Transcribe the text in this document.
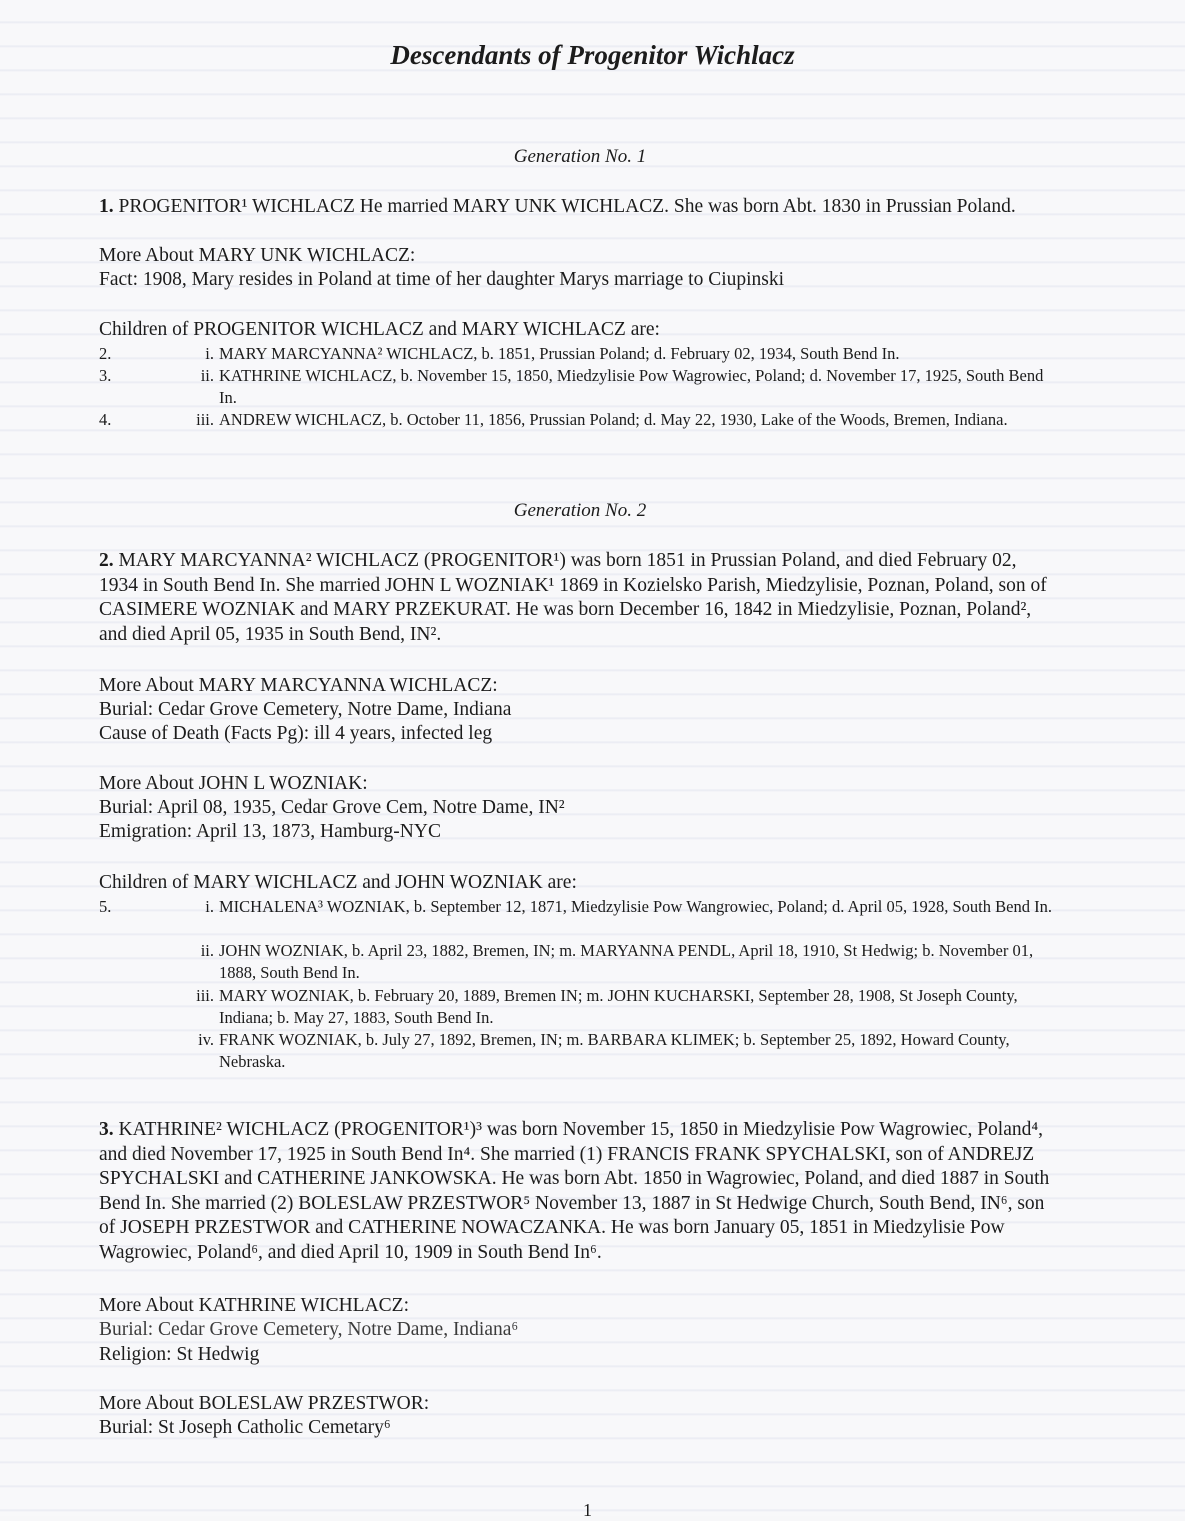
Descendants of Progenitor Wichlacz
Generation No. 1
1. PROGENITOR¹ WICHLACZ He married MARY UNK WICHLACZ. She was born Abt. 1830 in Prussian Poland.
More About MARY UNK WICHLACZ:
Fact: 1908, Mary resides in Poland at time of her daughter Marys marriage to Ciupinski
Children of PROGENITOR WICHLACZ and MARY WICHLACZ are:
2.	i. MARY MARCYANNA² WICHLACZ, b. 1851, Prussian Poland; d. February 02, 1934, South Bend In.
3.	ii. KATHRINE WICHLACZ, b. November 15, 1850, Miedzylisie Pow Wagrowiec, Poland; d. November 17, 1925, South Bend In.
4.	iii. ANDREW WICHLACZ, b. October 11, 1856, Prussian Poland; d. May 22, 1930, Lake of the Woods, Bremen, Indiana.
Generation No. 2
2. MARY MARCYANNA² WICHLACZ (PROGENITOR¹) was born 1851 in Prussian Poland, and died February 02, 1934 in South Bend In. She married JOHN L WOZNIAK¹ 1869 in Kozielsko Parish, Miedzylisie, Poznan, Poland, son of CASIMERE WOZNIAK and MARY PRZEKURAT. He was born December 16, 1842 in Miedzylisie, Poznan, Poland², and died April 05, 1935 in South Bend, IN².
More About MARY MARCYANNA WICHLACZ:
Burial: Cedar Grove Cemetery, Notre Dame, Indiana
Cause of Death (Facts Pg): ill 4 years, infected leg
More About JOHN L WOZNIAK:
Burial: April 08, 1935, Cedar Grove Cem, Notre Dame, IN²
Emigration: April 13, 1873, Hamburg-NYC
Children of MARY WICHLACZ and JOHN WOZNIAK are:
5.	i. MICHALENA³ WOZNIAK, b. September 12, 1871, Miedzylisie Pow Wangrowiec, Poland; d. April 05, 1928, South Bend In.
ii. JOHN WOZNIAK, b. April 23, 1882, Bremen, IN; m. MARYANNA PENDL, April 18, 1910, St Hedwig; b. November 01, 1888, South Bend In.
iii. MARY WOZNIAK, b. February 20, 1889, Bremen IN; m. JOHN KUCHARSKI, September 28, 1908, St Joseph County, Indiana; b. May 27, 1883, South Bend In.
iv. FRANK WOZNIAK, b. July 27, 1892, Bremen, IN; m. BARBARA KLIMEK; b. September 25, 1892, Howard County, Nebraska.
3. KATHRINE² WICHLACZ (PROGENITOR¹)³ was born November 15, 1850 in Miedzylisie Pow Wagrowiec, Poland⁴, and died November 17, 1925 in South Bend In⁴. She married (1) FRANCIS FRANK SPYCHALSKI, son of ANDREJZ SPYCHALSKI and CATHERINE JANKOWSKA. He was born Abt. 1850 in Wagrowiec, Poland, and died 1887 in South Bend In. She married (2) BOLESLAW PRZESTWOR⁵ November 13, 1887 in St Hedwige Church, South Bend, IN⁶, son of JOSEPH PRZESTWOR and CATHERINE NOWACZANKA. He was born January 05, 1851 in Miedzylisie Pow Wagrowiec, Poland⁶, and died April 10, 1909 in South Bend In⁶.
More About KATHRINE WICHLACZ:
Burial: Cedar Grove Cemetery, Notre Dame, Indiana⁶
Religion: St Hedwig
More About BOLESLAW PRZESTWOR:
Burial: St Joseph Catholic Cemetary⁶
1
